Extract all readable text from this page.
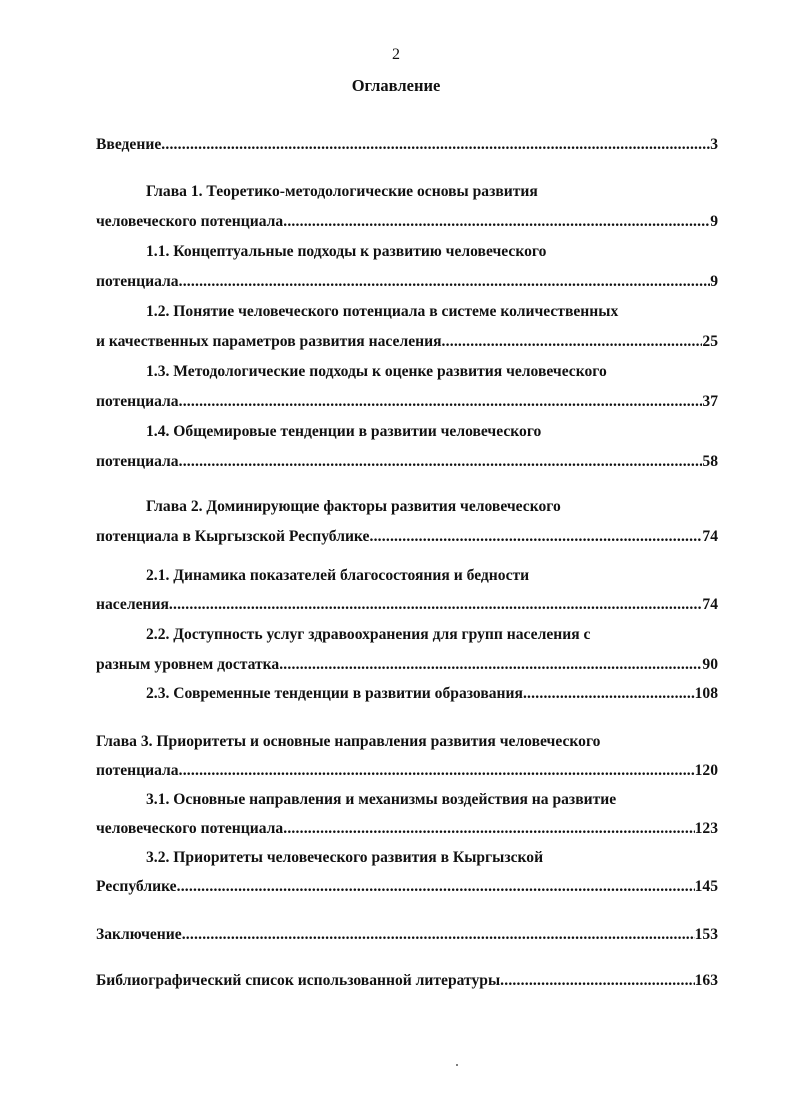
2
Оглавление
Введение .....	3
Глава 1. Теоретико-методологические основы развития
человеческого потенциала .....	9
1.1. Концептуальные подходы к развитию человеческого
потенциала .....	9
1.2. Понятие человеческого потенциала в системе количественных
и качественных параметров развития населения .....	25
1.3. Методологические подходы к оценке развития человеческого
потенциала .....	37
1.4. Общемировые тенденции в развитии человеческого
потенциала .....	58
Глава 2. Доминирующие факторы развития человеческого
потенциала в Кыргызской Республике .....	74
2.1. Динамика показателей благосостояния и бедности
населения .....	74
2.2. Доступность услуг здравоохранения для групп населения с
разным уровнем достатка .....	90
2.3. Современные тенденции в развитии образования .....	108
Глава 3. Приоритеты и основные направления развития человеческого
потенциала .....	120
3.1. Основные направления и механизмы воздействия на развитие
человеческого потенциала .....	123
3.2. Приоритеты человеческого развития в Кыргызской
Республике .....	145
Заключение .....	153
Библиографический список использованной литературы .....	163
